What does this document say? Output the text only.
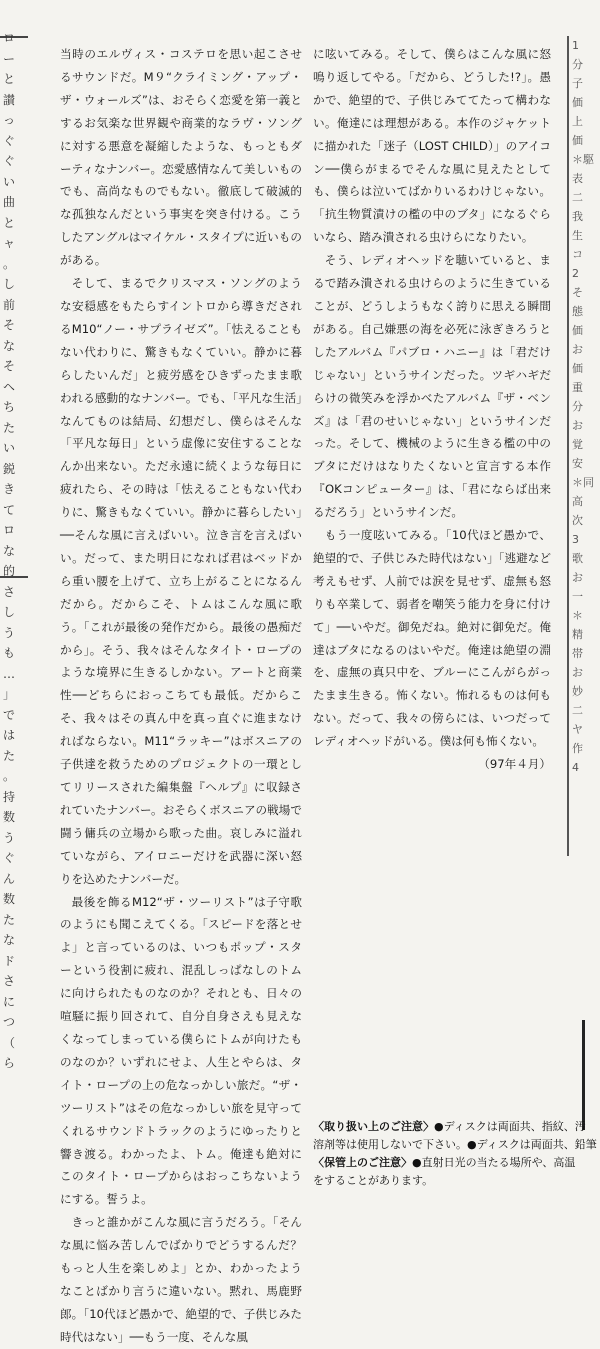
ロ
ー
と
讃
っ
ぐ
ぐ
い
曲
と
ャ
。
し
前
そ
な
そ
ヘ
ち
た
い
鋭
き
て
ロ
な
的
さ
し
う
も
…
」
で
は
た
。
持
数
う
ぐ
ん
数
た
な
ド
さ
に
つ
（
ら

当時のエルヴィス・コステロを思い起こさせるサウンドだ。M９“クライミング・アップ・ザ・ウォールズ”は、おそらく恋愛を第一義とするお気楽な世界観や商業的なラヴ・ソングに対する悪意を凝縮したような、もっともダーティなナンバー。恋愛感情なんて美しいものでも、高尚なものでもない。徹底して破滅的な孤独なんだという事実を突き付ける。こうしたアングルはマイケル・スタイプに近いものがある。

そして、まるでクリスマス・ソングのような安穏感をもたらすイントロから導きだされるM10“ノー・サプライゼズ”。「怯えることもない代わりに、驚きもなくていい。静かに暮らしたいんだ」と疲労感をひきずったまま歌われる感動的なナンバー。でも、「平凡な生活」なんてものは結局、幻想だし、僕らはそんな「平凡な毎日」という虚像に安住することなんか出来ない。ただ永遠に続くような毎日に疲れたら、その時は「怯えることもない代わりに、驚きもなくていい。静かに暮らしたい」──そんな風に言えばいい。泣き言を言えばいい。だって、また明日になれば君はベッドから重い腰を上げて、立ち上がることになるんだから。だからこそ、トムはこんな風に歌う。「これが最後の発作だから。最後の愚痴だから」。そう、我々はそんなタイト・ロープのような境界に生きるしかない。アートと商業性──どちらにおっこちても最低。だからこそ、我々はその真ん中を真っ直ぐに進まなければならない。M11“ラッキー”はボスニアの子供達を救うためのプロジェクトの一環としてリリースされた編集盤『ヘルプ』に収録されていたナンバー。おそらくボスニアの戦場で闘う傭兵の立場から歌った曲。哀しみに溢れていながら、アイロニーだけを武器に深い怒りを込めたナンバーだ。

最後を飾るM12“ザ・ツーリスト”は子守歌のようにも聞こえてくる。「スピードを落とせよ」と言っているのは、いつもポップ・スターという役割に疲れ、混乱しっぱなしのトムに向けられたものなのか？それとも、日々の喧騒に振り回されて、自分自身さえも見えなくなってしまっている僕らにトムが向けたものなのか？いずれにせよ、人生とやらは、タイト・ロープの上の危なっかしい旅だ。“ザ・ツーリスト”はその危なっかしい旅を見守ってくれるサウンドトラックのようにゆったりと響き渡る。わかったよ、トム。俺達も絶対にこのタイト・ロープからはおっこちないようにする。誓うよ。

きっと誰かがこんな風に言うだろう。「そんな風に悩み苦しんでばかりでどうするんだ？もっと人生を楽しめよ」とか、わかったようなことばかり言うに違いない。黙れ、馬鹿野郎。「10代ほど愚かで、絶望的で、子供じみた時代はない」──もう一度、そんな風

に呟いてみる。そして、僕らはこんな風に怒鳴り返してやる。「だから、どうした!?」。愚かで、絶望的で、子供じみててたって構わない。俺達には理想がある。本作のジャケットに描かれた「迷子（LOST CHILD）」のアイコン──僕らがまるでそんな風に見えたとしても、僕らは泣いてばかりいるわけじゃない。「抗生物質漬けの檻の中のブタ」になるぐらいなら、踏み潰される虫けらになりたい。

そう、レディオヘッドを聴いていると、まるで踏み潰される虫けらのように生きていることが、どうしようもなく誇りに思える瞬間がある。自己嫌悪の海を必死に泳ぎきろうとしたアルバム『パブロ・ハニー』は「君だけじゃない」というサインだった。ツギハギだらけの微笑みを浮かべたアルバム『ザ・ベンズ』は「君のせいじゃない」というサインだった。そして、機械のように生きる檻の中のブタにだけはなりたくないと宣言する本作『OKコンピューター』は、「君にならば出来るだろう」というサインだ。

もう一度呟いてみる。「10代ほど愚かで、絶望的で、子供じみた時代はない」「逃避など考えもせず、人前では涙を見せず、虚無も怒りも卒業して、弱者を嘲笑う能力を身に付けて」──いやだ。御免だね。絶対に御免だ。俺達はブタになるのはいやだ。俺達は絶望の淵を、虚無の真只中を、ブルーにこんがらがったまま生きる。怖くない。怖れるものは何もない。だって、我々の傍らには、いつだってレディオヘッドがいる。僕は何も怖くない。

（97年４月）

1
分
子
価
上
価
＊駆
表
二
我
生
コ
2
そ
態
価
お
価
重
分
お
覚
安
＊同
高
次
3
歌
お
一
＊
精
帯
お
妙
二
ヤ
作
4
〈取り扱い上のご注意〉●ディスクは両面共、指紋、汚
溶剤等は使用しないで下さい。●ディスクは両面共、鉛筆
〈保管上のご注意〉●直射日光の当たる場所や、高温
をすることがあります。
